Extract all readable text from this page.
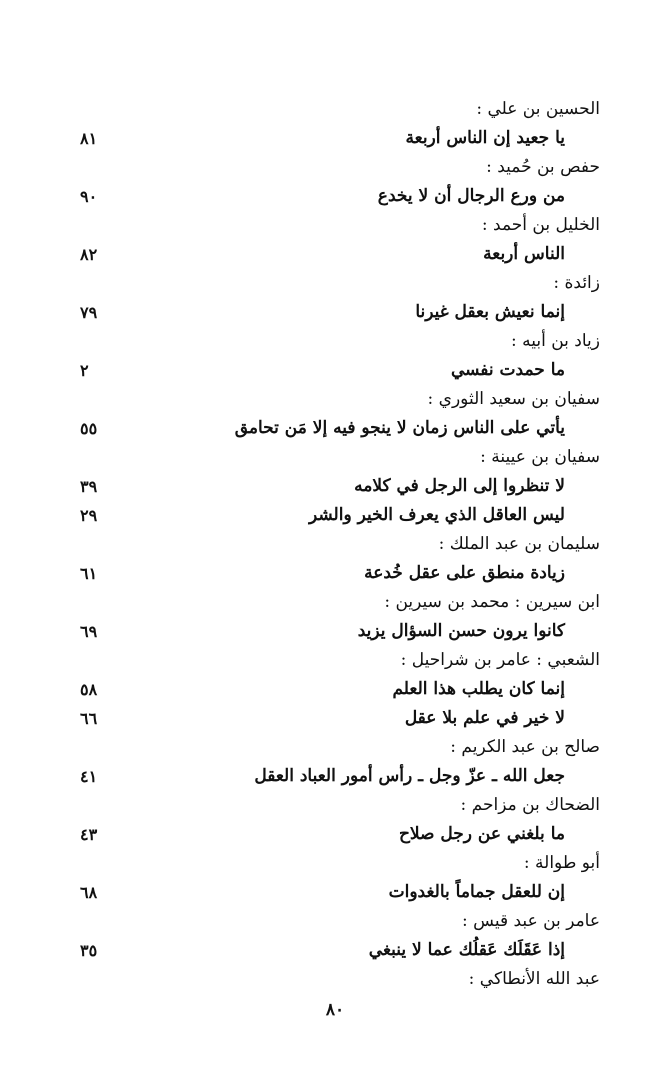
الحسين بن علي :
يا جعيد إن الناس أربعة
٨١
حفص بن حُميد :
من ورع الرجال أن لا يخدع
٩٠
الخليل بن أحمد :
الناس أربعة
٨٢
زائدة :
إنما نعيش بعقل غيرنا
٧٩
زياد بن أبيه :
ما حمدت نفسي
٢
سفيان بن سعيد الثوري :
يأتي على الناس زمان لا ينجو فيه إلا مَن تحامق
٥٥
سفيان بن عيينة :
لا تنظروا إلى الرجل في كلامه
٣٩
ليس العاقل الذي يعرف الخير والشر
٢٩
سليمان بن عبد الملك :
زيادة منطق على عقل خُدعة
٦١
ابن سيرين : محمد بن سيرين :
كانوا يرون حسن السؤال يزيد
٦٩
الشعبي : عامر بن شراحيل :
إنما كان يطلب هذا العلم
٥٨
لا خير في علم بلا عقل
٦٦
صالح بن عبد الكريم :
جعل الله ـ عزّ وجل ـ رأس أمور العباد العقل
٤١
الضحاك بن مزاحم :
ما بلغني عن رجل صلاح
٤٣
أبو طوالة :
إن للعقل جماماً بالغدوات
٦٨
عامر بن عبد قيس :
إذا عَقَلَك عَقلُك عما لا ينبغي
٣٥
عبد الله الأنطاكي :
٨٠
